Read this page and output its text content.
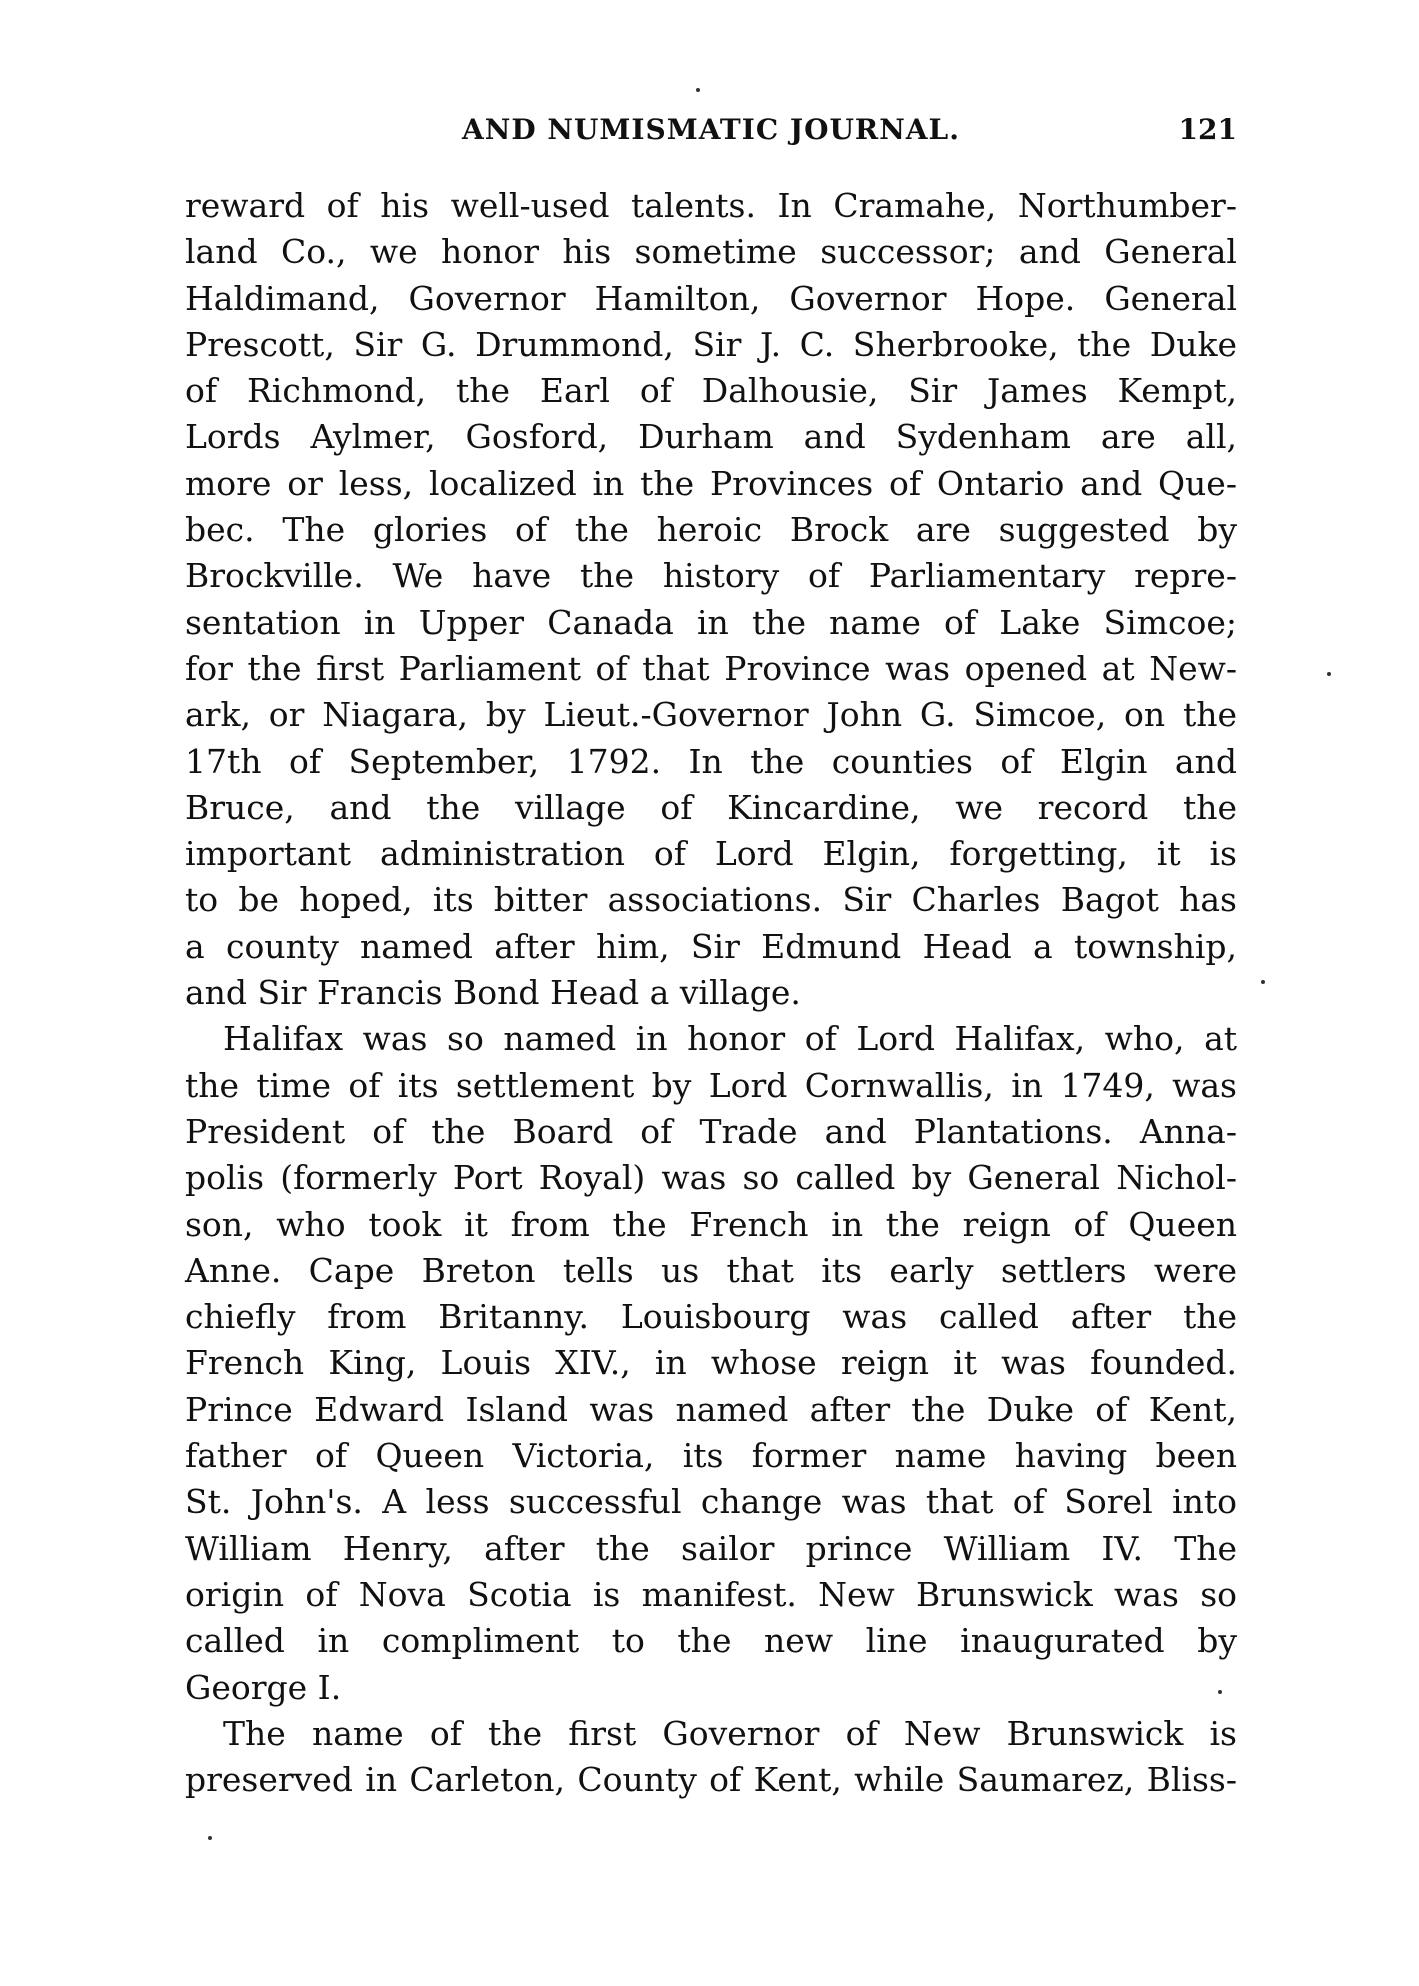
AND NUMISMATIC JOURNAL.	121
reward of his well-used talents. In Cramahe, Northumber-
land Co., we honor his sometime successor; and General
Haldimand, Governor Hamilton, Governor Hope. General
Prescott, Sir G. Drummond, Sir J. C. Sherbrooke, the Duke
of Richmond, the Earl of Dalhousie, Sir James Kempt,
Lords Aylmer, Gosford, Durham and Sydenham are all,
more or less, localized in the Provinces of Ontario and Que-
bec. The glories of the heroic Brock are suggested by
Brockville. We have the history of Parliamentary repre-
sentation in Upper Canada in the name of Lake Simcoe;
for the first Parliament of that Province was opened at New-
ark, or Niagara, by Lieut.-Governor John G. Simcoe, on the
17th of September, 1792. In the counties of Elgin and
Bruce, and the village of Kincardine, we record the
important administration of Lord Elgin, forgetting, it is
to be hoped, its bitter associations. Sir Charles Bagot has
a county named after him, Sir Edmund Head a township,
and Sir Francis Bond Head a village.
Halifax was so named in honor of Lord Halifax, who, at
the time of its settlement by Lord Cornwallis, in 1749, was
President of the Board of Trade and Plantations. Anna-
polis (formerly Port Royal) was so called by General Nichol-
son, who took it from the French in the reign of Queen
Anne. Cape Breton tells us that its early settlers were
chiefly from Britanny. Louisbourg was called after the
French King, Louis XIV., in whose reign it was founded.
Prince Edward Island was named after the Duke of Kent,
father of Queen Victoria, its former name having been
St. John's. A less successful change was that of Sorel into
William Henry, after the sailor prince William IV. The
origin of Nova Scotia is manifest. New Brunswick was so
called in compliment to the new line inaugurated by
George I.
The name of the first Governor of New Brunswick is
preserved in Carleton, County of Kent, while Saumarez, Bliss-
